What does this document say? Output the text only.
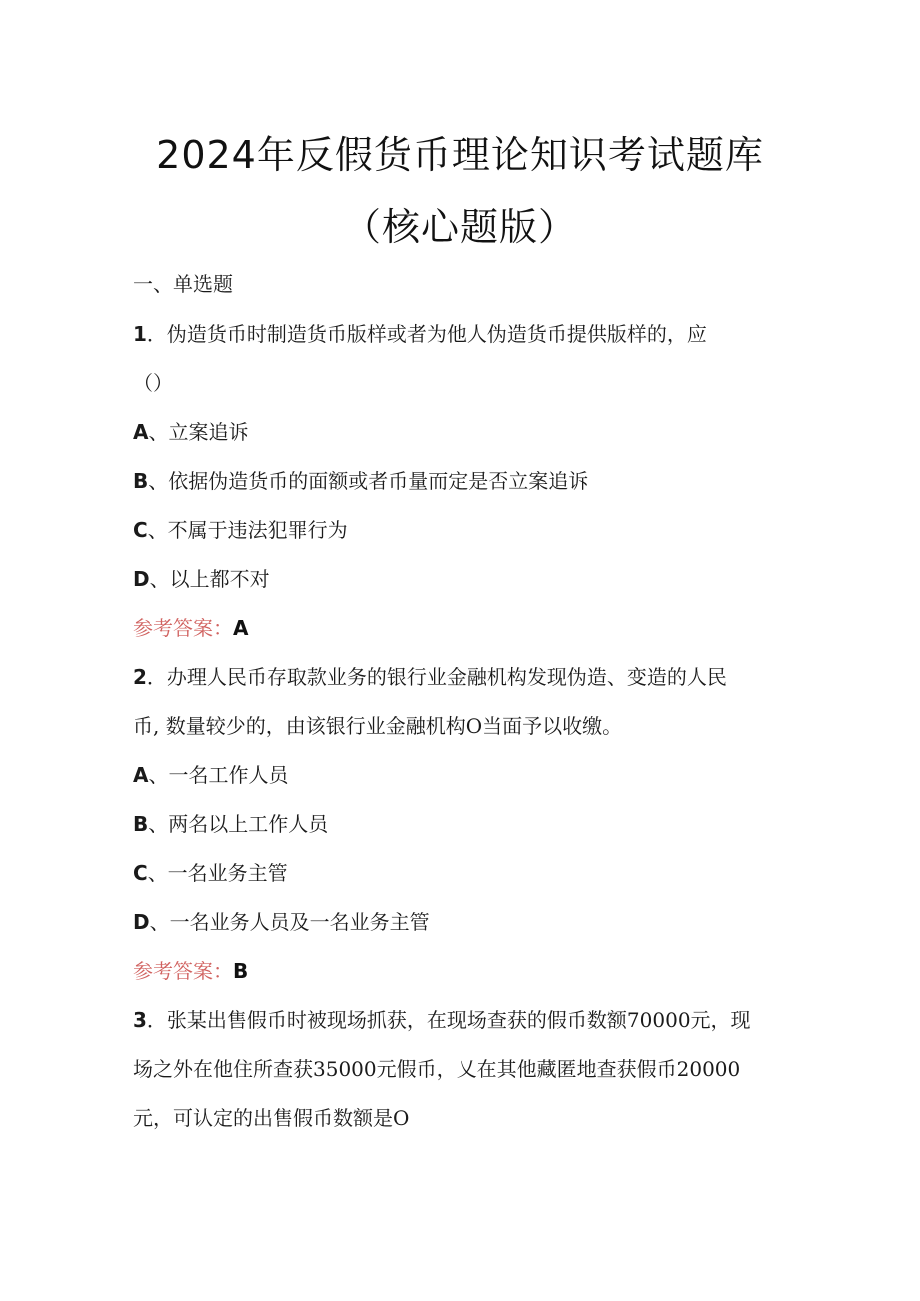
2024年反假货币理论知识考试题库
（核心题版）
一、单选题
1．伪造货币时制造货币版样或者为他人伪造货币提供版样的，应
（）
A、立案追诉
B、依据伪造货币的面额或者币量而定是否立案追诉
C、不属于违法犯罪行为
D、以上都不对
参考答案：A
2．办理人民币存取款业务的银行业金融机构发现伪造、变造的人民
币, 数量较少的，由该银行业金融机构O当面予以收缴。
A、一名工作人员
B、两名以上工作人员
C、一名业务主管
D、一名业务人员及一名业务主管
参考答案：B
3．张某出售假币时被现场抓获，在现场查获的假币数额70000元，现
场之外在他住所查获35000元假币，乂在其他藏匿地查获假币20000
元，可认定的出售假币数额是O
